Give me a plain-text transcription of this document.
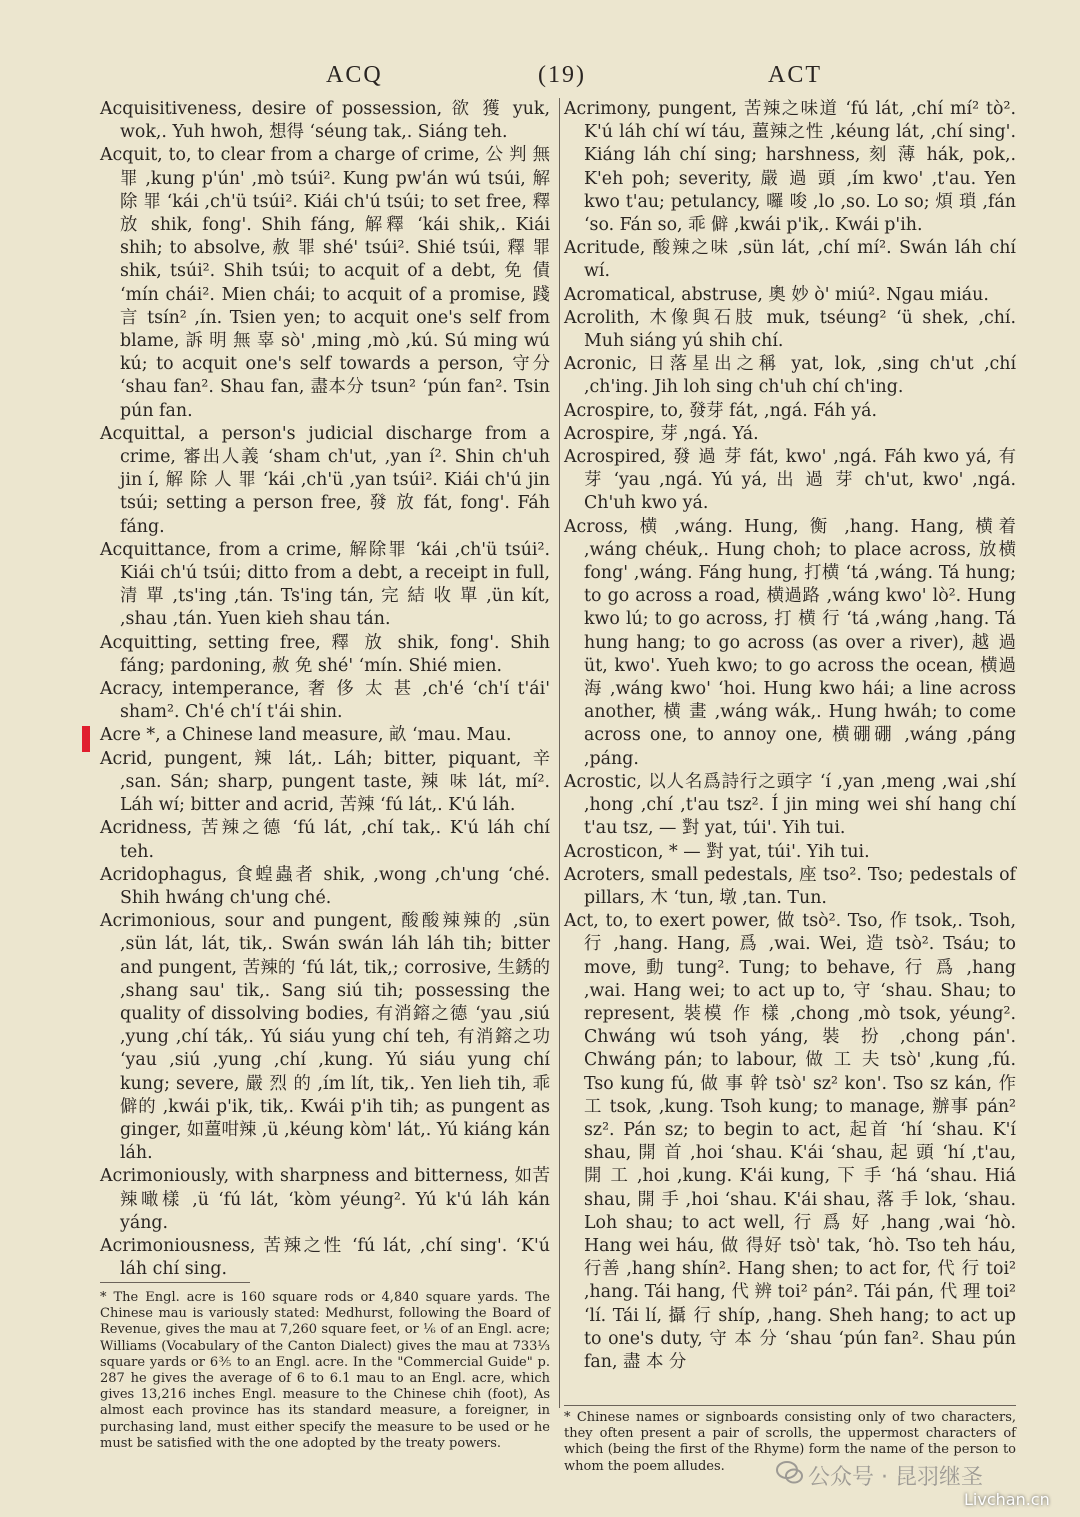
ACQ	(19)	ACT

Acquisitiveness, desire of possession, 欲 獲 yuk, wok,. Yuh hwoh, 想得 ʻséung tak,. Siáng teh.

Acquit, to, to clear from a charge of crime, 公 判 無罪 ,kung p'ún' ,mò tsúi². Kung pw'án wú tsúi, 解 除 罪 ʻkái ,ch'ü tsúi². Kiái ch'ú tsúi; to set free, 釋放 shik, fong'. Shih fáng, 解釋 ʻkái shik,. Kiái shih; to absolve, 赦 罪 shé' tsúi². Shié tsúi, 釋 罪 shik, tsúi². Shih tsúi; to acquit of a debt, 免 債 ʻmín chái². Mien chái; to acquit of a promise, 踐 言 tsín² ,ín. Tsien yen; to acquit one's self from blame, 訴 明 無 辜 sò' ,ming ,mò ,kú. Sú ming wú kú; to acquit one's self towards a person, 守分 ʻshau fan². Shau fan, 盡本分 tsun² ʻpún fan². Tsin pún fan.

Acquittal, a person's judicial discharge from a crime, 審出人義 ʻsham ch'ut, ,yan í². Shin ch'uh jin í, 解 除 人 罪 ʻkái ,ch'ü ,yan tsúi². Kiái ch'ú jin tsúi; setting a person free, 發 放 fát, fong'. Fáh fáng.

Acquittance, from a crime, 解除罪 ʻkái ,ch'ü tsúi². Kiái ch'ú tsúi; ditto from a debt, a receipt in full, 清 單 ,ts'ing ,tán. Ts'ing tán, 完 結 收 單 ,ün kít, ,shau ,tán. Yuen kieh shau tán.

Acquitting, setting free, 釋 放 shik, fong'. Shih fáng; pardoning, 赦 免 shé' ʻmín. Shié mien.

Acracy, intemperance, 奢 侈 太 甚 ,ch'é ʻch'í t'ái' sham². Ch'é ch'í t'ái shin.

Acre *, a Chinese land measure, 畝 ʻmau. Mau.

Acrid, pungent, 辣 lát,. Láh; bitter, piquant, 辛 ,san. Sán; sharp, pungent taste, 辣 味 lát, mí². Láh wí; bitter and acrid, 苦辣 ʻfú lát,. K'ú láh.

Acridness, 苦辣之德 ʻfú lát, ,chí tak,. K'ú láh chí teh.

Acridophagus, 食蝗蟲者 shik, ,wong ,ch'ung ʻché. Shih hwáng ch'ung ché.

Acrimonious, sour and pungent, 酸酸辣辣的 ,sün ,sün lát, lát, tik,. Swán swán láh láh tih; bitter and pungent, 苦辣的 ʻfú lát, tik,; corrosive, 生銹的 ,shang sau' tik,. Sang siú tih; possessing the quality of dissolving bodies, 有消鎔之德 ʻyau ,siú ,yung ,chí ták,. Yú siáu yung chí teh, 有消鎔之功 ʻyau ,siú ,yung ,chí ,kung. Yú siáu yung chí kung; severe, 嚴 烈 的 ,ím lít, tik,. Yen lieh tih, 乖僻的 ,kwái p'ik, tik,. Kwái p'ih tih; as pungent as ginger, 如薑咁辣 ,ü ,kéung kòm' lát,. Yú kiáng kán láh.

Acrimoniously, with sharpness and bitterness, 如苦辣噉樣 ,ü ʻfú lát, ʻkòm yéung². Yú k'ú láh kán yáng.

Acrimoniousness, 苦辣之性 ʻfú lát, ,chí sing'. ʻK'ú láh chí sing.

Acrimony, pungent, 苦辣之味道 ʻfú lát, ,chí mí² tò². K'ú láh chí wí táu, 薑辣之性 ,kéung lát, ,chí sing'. Kiáng láh chí sing; harshness, 刻 薄 hák, pok,. K'eh poh; severity, 嚴 過 頭 ,ím kwo' ,t'au. Yen kwo t'au; petulancy, 囉 唆 ,lo ,so. Lo so; 煩 瑣 ,fán ʻso. Fán so, 乖 僻 ,kwái p'ik,. Kwái p'ih.

Acritude, 酸辣之味 ,sün lát, ,chí mí². Swán láh chí wí.

Acromatical, abstruse, 奧 妙 ò' miú². Ngau miáu.

Acrolith, 木像與石肢 muk, tséung² ʻü shek, ,chí. Muh siáng yú shih chí.

Acronic, 日落星出之稱 yat, lok, ,sing ch'ut ,chí ,ch'ing. Jih loh sing ch'uh chí ch'ing.

Acrospire, to, 發芽 fát, ,ngá. Fáh yá.

Acrospire, 芽 ,ngá. Yá.

Acrospired, 發 過 芽 fát, kwo' ,ngá. Fáh kwo yá, 有 芽 ʻyau ,ngá. Yú yá, 出 過 芽 ch'ut, kwo' ,ngá. Ch'uh kwo yá.

Across, 横 ,wáng. Hung, 衡 ,hang. Hang, 横着 ,wáng chéuk,. Hung choh; to place across, 放横 fong' ,wáng. Fáng hung, 打横 ʻtá ,wáng. Tá hung; to go across a road, 横過路 ,wáng kwo' lò². Hung kwo lú; to go across, 打 横 行 ʻtá ,wáng ,hang. Tá hung hang; to go across (as over a river), 越 過 üt, kwo'. Yueh kwo; to go across the ocean, 横過海 ,wáng kwo' ʻhoi. Hung kwo hái; a line across another, 横 畫 ,wáng wák,. Hung hwáh; to come across one, to annoy one, 横硼硼 ,wáng ,páng ,páng.

Acrostic, 以人名爲詩行之頭字 ʻí ,yan ,meng ,wai ,shí ,hong ,chí ,t'au tsz². Í jin ming wei shí hang chí t'au tsz, — 對 yat, túi'. Yih tui.

Acrosticon, * — 對 yat, túi'. Yih tui.

Acroters, small pedestals, 座 tso². Tso; pedestals of pillars, 木 ʻtun, 墩 ,tan. Tun.

Act, to, to exert power, 做 tsò². Tso, 作 tsok,. Tsoh, 行 ,hang. Hang, 爲 ,wai. Wei, 造 tsò². Tsáu; to move, 動 tung². Tung; to behave, 行 爲 ,hang ,wai. Hang wei; to act up to, 守 ʻshau. Shau; to represent, 裝模 作 樣 ,chong ,mò tsok, yéung². Chwáng wú tsoh yáng, 裝 扮 ,chong pán'. Chwáng pán; to labour, 做 工 夫 tsò' ,kung ,fú. Tso kung fú, 做 事 幹 tsò' sz² kon'. Tso sz kán, 作工 tsok, ,kung. Tsoh kung; to manage, 辦事 pán² sz². Pán sz; to begin to act, 起首 ʻhí ʻshau. K'í shau, 開 首 ,hoi ʻshau. K'ái ʻshau, 起 頭 ʻhí ,t'au, 開 工 ,hoi ,kung. K'ái kung, 下 手 ʻhá ʻshau. Hiá shau, 開 手 ,hoi ʻshau. K'ái shau, 落 手 lok, ʻshau. Loh shau; to act well, 行 爲 好 ,hang ,wai ʻhò. Hang wei háu, 做 得好 tsò' tak, ʻhò. Tso teh háu, 行善 ,hang shín². Hang shen; to act for, 代 行 toi² ,hang. Tái hang, 代 辨 toi² pán². Tái pán, 代 理 toi² ʻlí. Tái lí, 攝 行 shíp, ,hang. Sheh hang; to act up to one's duty, 守 本 分 ʻshau ʻpún fan². Shau pún fan, 盡 本 分

* The Engl. acre is 160 square rods or 4,840 square yards. The Chinese mau is variously stated: Medhurst, following the Board of Revenue, gives the mau at 7,260 square feet, or ⅙ of an Engl. acre; Williams (Vocabulary of the Canton Dialect) gives the mau at 733⅓ square yards or 6⅗ to an Engl. acre. In the "Commercial Guide" p. 287 he gives the average of 6 to 6.1 mau to an Engl. acre, which gives 13,216 inches Engl. measure to the Chinese chih (foot), As almost each province has its standard measure, a foreigner, in purchasing land, must either specify the measure to be used or he must be satisfied with the one adopted by the treaty powers.

* Chinese names or signboards consisting only of two characters, they often present a pair of scrolls, the uppermost characters of which (being the first of the Rhyme) form the name of the person to whom the poem alludes.	公众号 · 昆羽继圣
Livchan.cn
